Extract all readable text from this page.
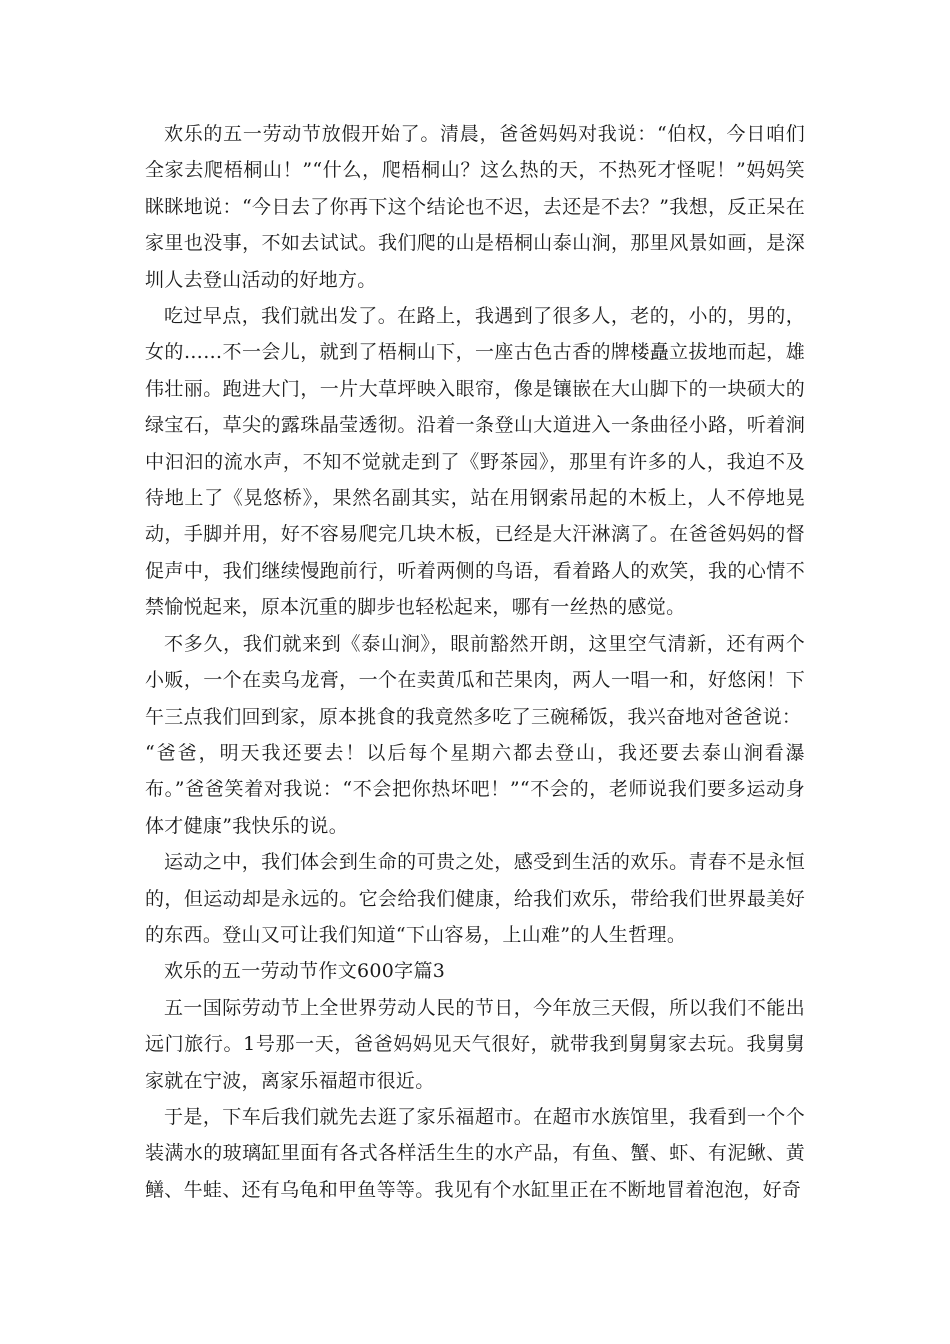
欢乐的五一劳动节放假开始了。清晨，爸爸妈妈对我说：“伯权，今日咱们全家去爬梧桐山！”“什么，爬梧桐山？这么热的天，不热死才怪呢！”妈妈笑眯眯地说：“今日去了你再下这个结论也不迟，去还是不去？”我想，反正呆在家里也没事，不如去试试。我们爬的山是梧桐山泰山涧，那里风景如画，是深圳人去登山活动的好地方。

吃过早点，我们就出发了。在路上，我遇到了很多人，老的，小的，男的，女的……不一会儿，就到了梧桐山下，一座古色古香的牌楼矗立拔地而起，雄伟壮丽。跑进大门，一片大草坪映入眼帘，像是镶嵌在大山脚下的一块硕大的绿宝石，草尖的露珠晶莹透彻。沿着一条登山大道进入一条曲径小路，听着涧中汩汩的流水声，不知不觉就走到了《野茶园》，那里有许多的人，我迫不及待地上了《晃悠桥》，果然名副其实，站在用钢索吊起的木板上，人不停地晃动，手脚并用，好不容易爬完几块木板，已经是大汗淋漓了。在爸爸妈妈的督促声中，我们继续慢跑前行，听着两侧的鸟语，看着路人的欢笑，我的心情不禁愉悦起来，原本沉重的脚步也轻松起来，哪有一丝热的感觉。

不多久，我们就来到《泰山涧》，眼前豁然开朗，这里空气清新，还有两个小贩，一个在卖乌龙膏，一个在卖黄瓜和芒果肉，两人一唱一和，好悠闲！下午三点我们回到家，原本挑食的我竟然多吃了三碗稀饭，我兴奋地对爸爸说：

“爸爸，明天我还要去！以后每个星期六都去登山，我还要去泰山涧看瀑布。”爸爸笑着对我说：“不会把你热坏吧！”“不会的，老师说我们要多运动身体才健康”我快乐的说。

运动之中，我们体会到生命的可贵之处，感受到生活的欢乐。青春不是永恒的，但运动却是永远的。它会给我们健康，给我们欢乐，带给我们世界最美好的东西。登山又可让我们知道“下山容易，上山难”的人生哲理。

欢乐的五一劳动节作文600字篇3

五一国际劳动节上全世界劳动人民的节日，今年放三天假，所以我们不能出远门旅行。1号那一天，爸爸妈妈见天气很好，就带我到舅舅家去玩。我舅舅家就在宁波，离家乐福超市很近。

于是，下车后我们就先去逛了家乐福超市。在超市水族馆里，我看到一个个装满水的玻璃缸里面有各式各样活生生的水产品，有鱼、蟹、虾、有泥鳅、黄鳝、牛蛙、还有乌龟和甲鱼等等。我见有个水缸里正在不断地冒着泡泡，好奇
